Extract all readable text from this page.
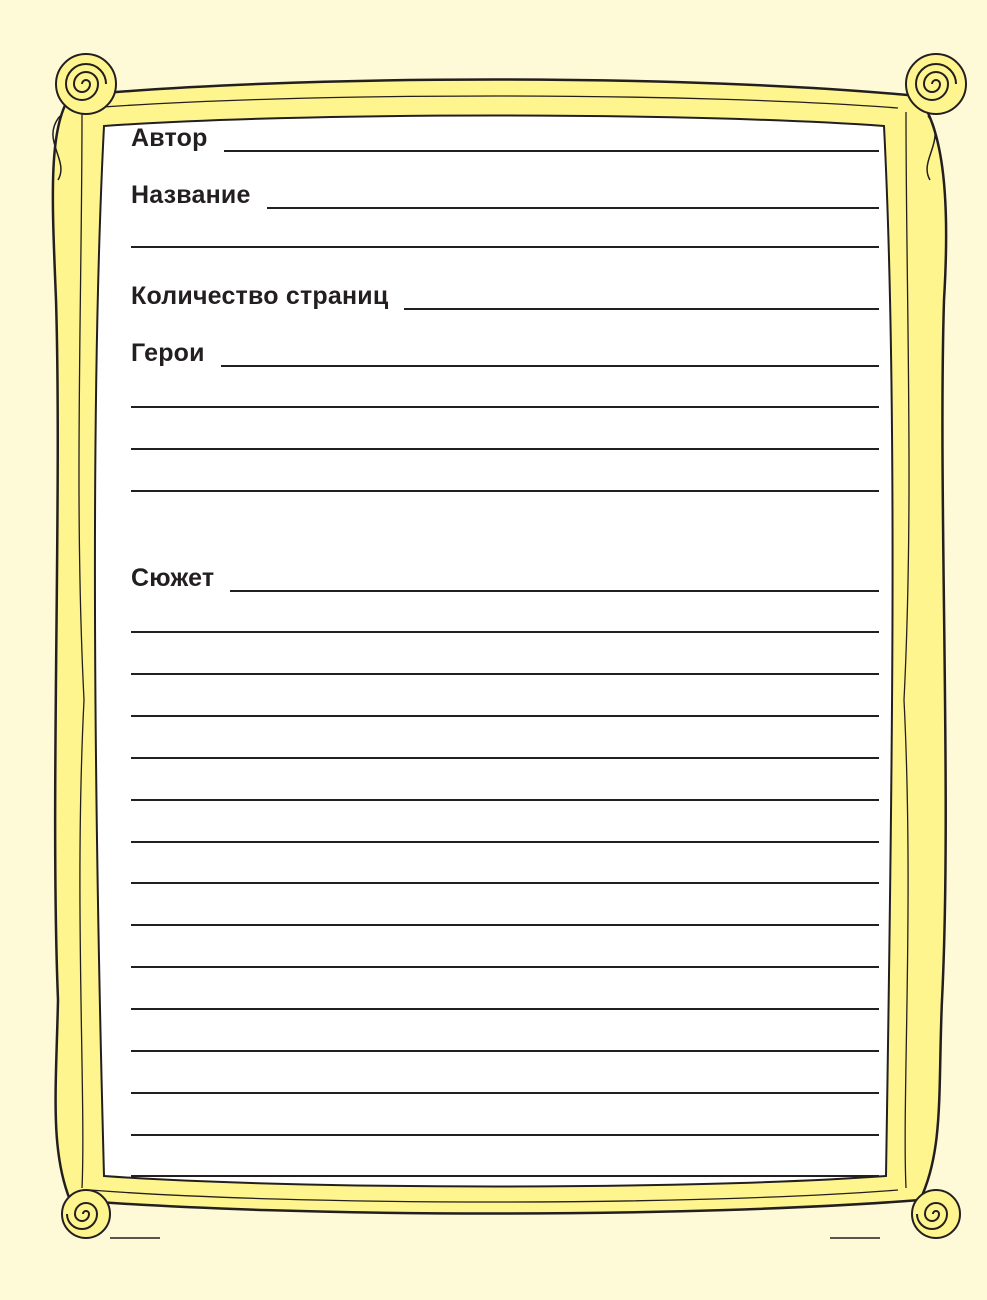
Автор
Название
Количество страниц
Герои
Сюжет
